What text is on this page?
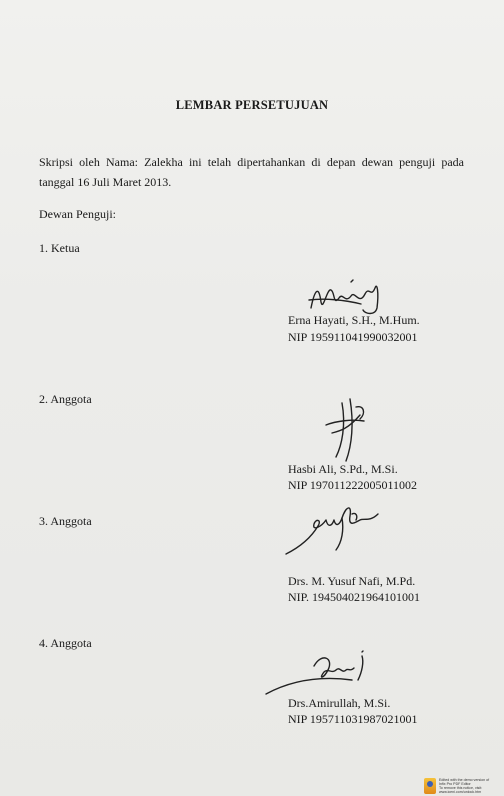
LEMBAR PERSETUJUAN
Skripsi oleh Nama: Zalekha ini telah dipertahankan di depan dewan penguji pada tanggal 16 Juli Maret 2013.
Dewan Penguji:
1. Ketua
Erna Hayati, S.H., M.Hum.
NIP 195911041990032001
2. Anggota
Hasbi Ali, S.Pd., M.Si.
NIP 197011222005011002
3. Anggota
Drs. M. Yusuf Nafi, M.Pd.
NIP. 194504021964101001
4. Anggota
Drs.Amirullah, M.Si.
NIP 195711031987021001
Edited with the demo version of
Infix Pro PDF Editor
To remove this notice, visit:
www.iceni.com/unlock.htm
